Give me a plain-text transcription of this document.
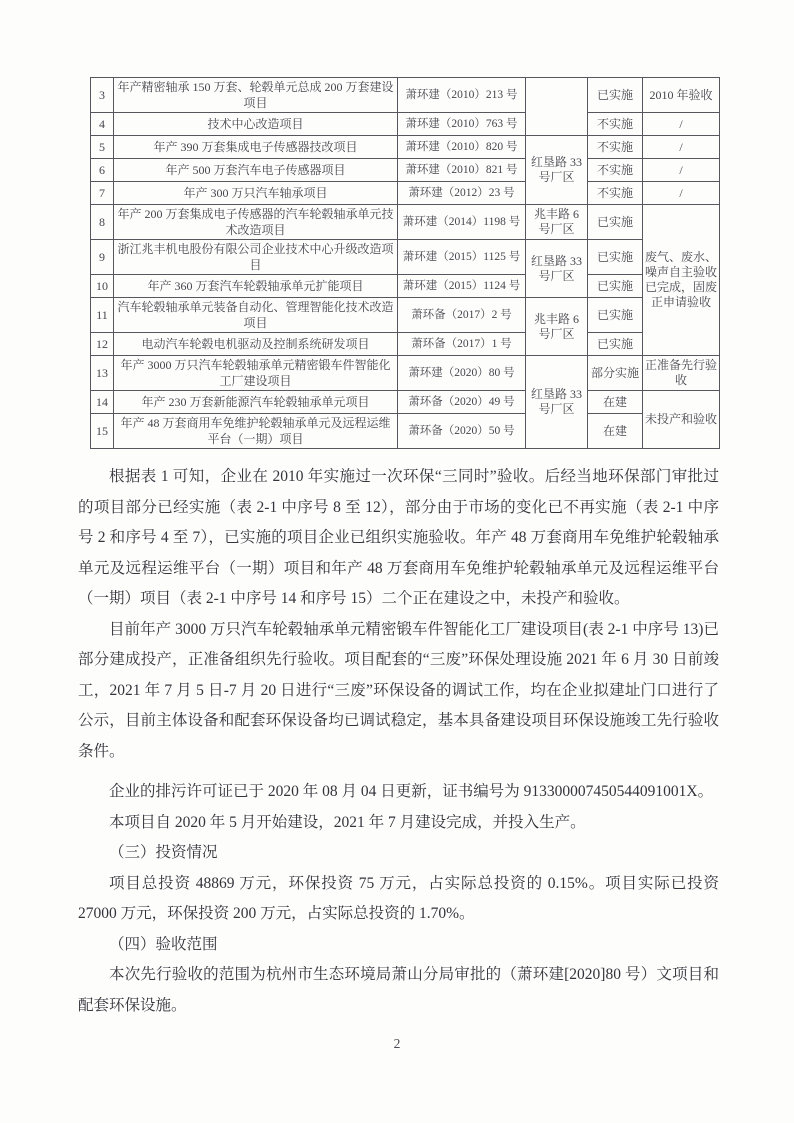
3	年产精密轴承 150 万套、轮毂单元总成 200 万套建设项目	萧环建（2010）213 号		已实施	2010 年验收
4	技术中心改造项目	萧环建（2010）763 号		不实施	/
5	年产 390 万套集成电子传感器技改项目	萧环建（2010）820 号	红垦路 33 号厂区	不实施	/
6	年产 500 万套汽车电子传感器项目	萧环建（2010）821 号		不实施	/
7	年产 300 万只汽车轴承项目	萧环建（2012）23 号		不实施	/
8	年产 200 万套集成电子传感器的汽车轮毂轴承单元技术改造项目	萧环建（2014）1198 号	兆丰路 6 号厂区	已实施	废气、废水、噪声自主验收已完成，固废正申请验收
9	浙江兆丰机电股份有限公司企业技术中心升级改造项目	萧环建（2015）1125 号	红垦路 33 号厂区	已实施	
10	年产 360 万套汽车轮毂轴承单元扩能项目	萧环建（2015）1124 号		已实施	
11	汽车轮毂轴承单元装备自动化、管理智能化技术改造项目	萧环备（2017）2 号	兆丰路 6 号厂区	已实施	
12	电动汽车轮毂电机驱动及控制系统研发项目	萧环备（2017）1 号		已实施	
13	年产 3000 万只汽车轮毂轴承单元精密锻车件智能化工厂建设项目	萧环建（2020）80 号	红垦路 33 号厂区	部分实施	正准备先行验收
14	年产 230 万套新能源汽车轮毂轴承单元项目	萧环备（2020）49 号		在建	未投产和验收
15	年产 48 万套商用车免维护轮毂轴承单元及远程运维平台（一期）项目	萧环备（2020）50 号		在建	

根据表 1 可知，企业在 2010 年实施过一次环保“三同时”验收。后经当地环保部门审批过的项目部分已经实施（表 2-1 中序号 8 至 12），部分由于市场的变化已不再实施（表 2-1 中序号 2 和序号 4 至 7），已实施的项目企业已组织实施验收。年产 48 万套商用车免维护轮毂轴承单元及远程运维平台（一期）项目和年产 48 万套商用车免维护轮毂轴承单元及远程运维平台（一期）项目（表 2-1 中序号 14 和序号 15）二个正在建设之中，未投产和验收。

目前年产 3000 万只汽车轮毂轴承单元精密锻车件智能化工厂建设项目(表 2-1 中序号 13)已部分建成投产，正准备组织先行验收。项目配套的“三废”环保处理设施 2021 年 6 月 30 日前竣工，2021 年 7 月 5 日-7 月 20 日进行“三废”环保设备的调试工作，均在企业拟建址门口进行了公示，目前主体设备和配套环保设备均已调试稳定，基本具备建设项目环保设施竣工先行验收条件。

企业的排污许可证已于 2020 年 08 月 04 日更新，证书编号为 913300007450544091001X。

本项目自 2020 年 5 月开始建设，2021 年 7 月建设完成，并投入生产。

（三）投资情况

项目总投资 48869 万元，环保投资 75 万元，占实际总投资的 0.15%。项目实际已投资 27000 万元，环保投资 200 万元，占实际总投资的 1.70%。

（四）验收范围

本次先行验收的范围为杭州市生态环境局萧山分局审批的（萧环建[2020]80 号）文项目和配套环保设施。

2
